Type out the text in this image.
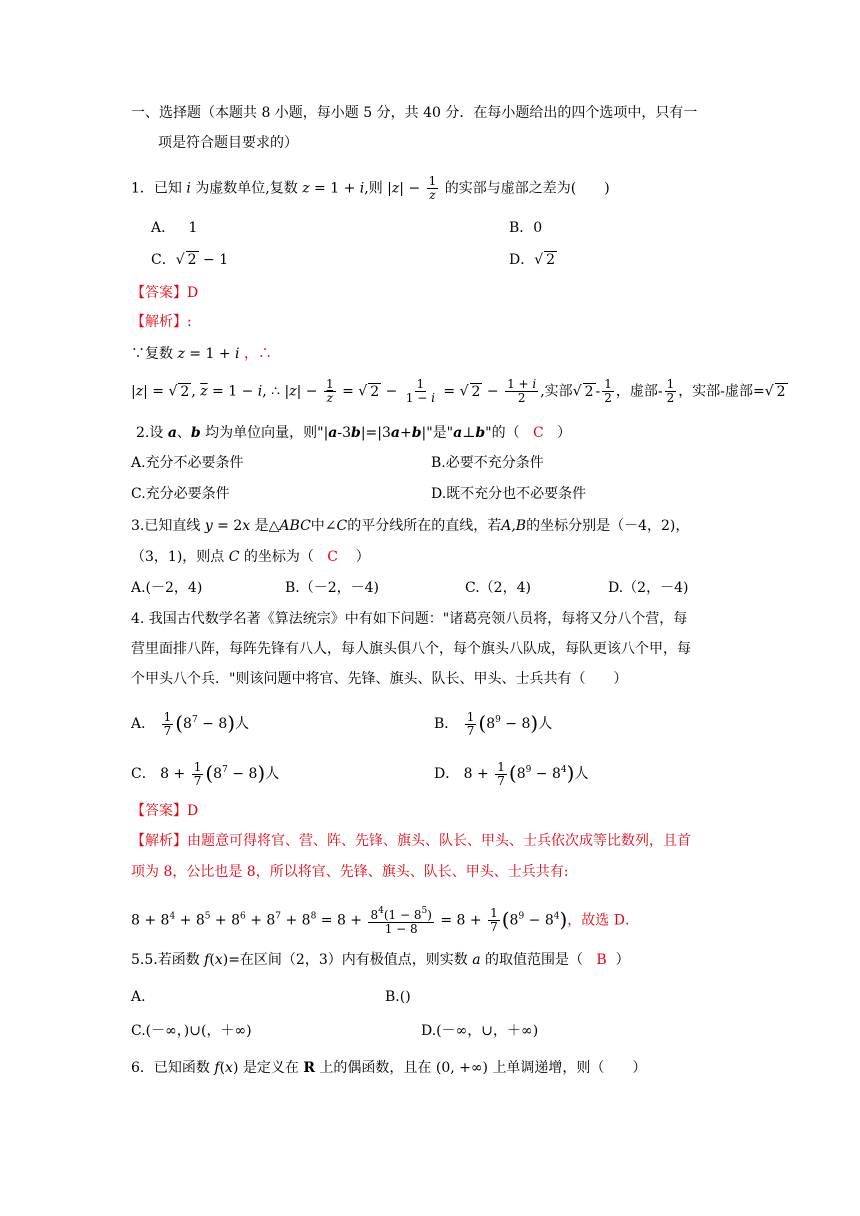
一、选择题（本题共 8 小题，每小题 5 分，共 40 分．在每小题给出的四个选项中，只有一
项是符合题目要求的）
1．已知 i 为虚数单位,复数 z = 1 + i,则 $|z| - \frac{1}{z}$ 的实部与虚部之差为(　　)
A． 1	B．0
C．√ 2 − 1	D．√ 2
【答案】D
【解析】:
∵复数 z = 1 + i ，∴
|z| = √ 2 , $\overline{z} = 1 - i$, ∴ $|z| - \frac{1}{z}$ = √ $2 - \frac{1}{1 - i}$ = √ $2 - \frac{1 + i}{2}$ ,实部√ $2 - \frac{1}{2}$ ，虚部- $\frac{1}{2}$ ，实部-虚部=√ 2
2.设 a、b 均为单位向量，则"|a-3b|=|3a+b|"是"a⊥b"的（ C ）
A.充分不必要条件	B.必要不充分条件
C.充分必要条件	D.既不充分也不必要条件
3.已知直线 y = 2x 是△ABC中∠C的平分线所在的直线，若A,B的坐标分别是（－4，2)，
（3，1)，则点 C 的坐标为（ C ）
A.(－2，4)	B.（－2，－4)	C.（2，4)	D.（2，－4)
4. 我国古代数学名著《算法统宗》中有如下问题："诸葛亮领八员将，每将又分八个营，每
营里面排八阵，每阵先锋有八人，每人旗头俱八个，每个旗头八队成，每队更该八个甲，每
个甲头八个兵．"则该问题中将官、先锋、旗头、队长、甲头、士兵共有（　　）
A． $\frac{1}{7} (8^7 - 8)$人	B． $\frac{1}{7} (8^9 - 8)$人
C． $8 + \frac{1}{7} (8^7 - 8)$人	D． $8 + \frac{1}{7} (8^9 - 8^4)$人
【答案】D
【解析】由题意可得将官、营、阵、先锋、旗头、队长、甲头、士兵依次成等比数列，且首
项为 8，公比也是 8，所以将官、先锋、旗头、队长、甲头、士兵共有:
$8 + 8^4 + 8^5 + 8^6 + 8^7 + 8^8 = 8 + \frac{8^4(1 - 8^5)}{1 - 8} = 8 + \frac{1}{7} (8^9 - 8^4)$，故选 D．
5.5.若函数 f(x)=在区间（2，3）内有极值点，则实数 a 的取值范围是（ B ）
A.	B.()
C.(－∞，)∪(，＋∞)	D.(－∞，∪，＋∞)
6．已知函数 f(x) 是定义在 R 上的偶函数，且在 (0, +∞) 上单调递增，则（　　）
